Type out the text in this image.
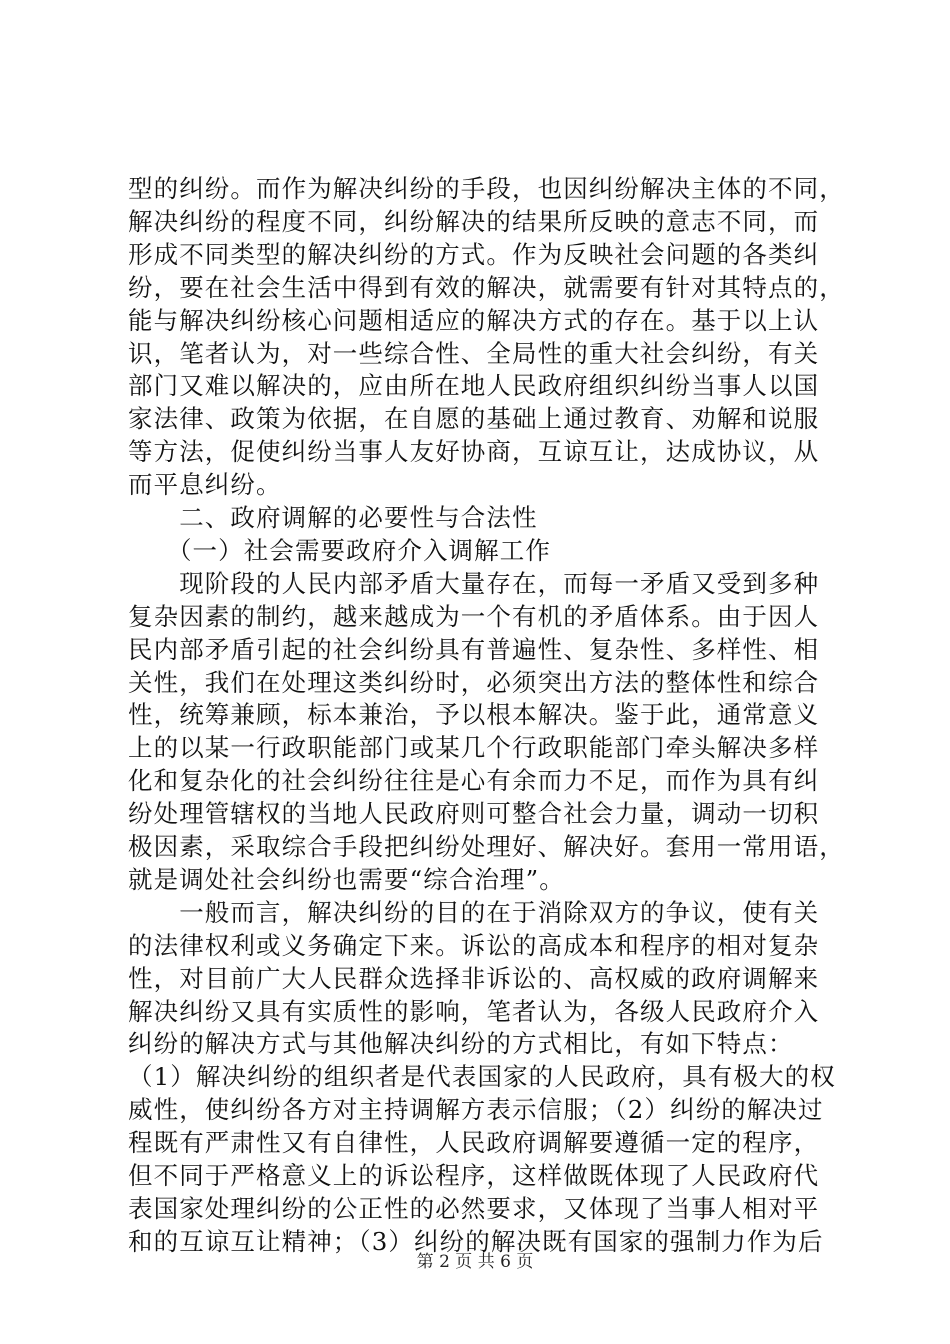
型的纠纷。而作为解决纠纷的手段，也因纠纷解决主体的不同，
解决纠纷的程度不同，纠纷解决的结果所反映的意志不同，而
形成不同类型的解决纠纷的方式。作为反映社会问题的各类纠
纷，要在社会生活中得到有效的解决，就需要有针对其特点的，
能与解决纠纷核心问题相适应的解决方式的存在。基于以上认
识，笔者认为，对一些综合性、全局性的重大社会纠纷，有关
部门又难以解决的，应由所在地人民政府组织纠纷当事人以国
家法律、政策为依据，在自愿的基础上通过教育、劝解和说服
等方法，促使纠纷当事人友好协商，互谅互让，达成协议，从
而平息纠纷。
　　二、政府调解的必要性与合法性
　　（一）社会需要政府介入调解工作
　　现阶段的人民内部矛盾大量存在，而每一矛盾又受到多种
复杂因素的制约，越来越成为一个有机的矛盾体系。由于因人
民内部矛盾引起的社会纠纷具有普遍性、复杂性、多样性、相
关性，我们在处理这类纠纷时，必须突出方法的整体性和综合
性，统筹兼顾，标本兼治，予以根本解决。鉴于此，通常意义
上的以某一行政职能部门或某几个行政职能部门牵头解决多样
化和复杂化的社会纠纷往往是心有余而力不足，而作为具有纠
纷处理管辖权的当地人民政府则可整合社会力量，调动一切积
极因素，采取综合手段把纠纷处理好、解决好。套用一常用语，
就是调处社会纠纷也需要“综合治理”。
　　一般而言，解决纠纷的目的在于消除双方的争议，使有关
的法律权利或义务确定下来。诉讼的高成本和程序的相对复杂
性，对目前广大人民群众选择非诉讼的、高权威的政府调解来
解决纠纷又具有实质性的影响，笔者认为，各级人民政府介入
纠纷的解决方式与其他解决纠纷的方式相比，有如下特点：
（1）解决纠纷的组织者是代表国家的人民政府，具有极大的权
威性，使纠纷各方对主持调解方表示信服；（2）纠纷的解决过
程既有严肃性又有自律性，人民政府调解要遵循一定的程序，
但不同于严格意义上的诉讼程序，这样做既体现了人民政府代
表国家处理纠纷的公正性的必然要求，又体现了当事人相对平
和的互谅互让精神；（3）纠纷的解决既有国家的强制力作为后
第 2 页 共 6 页
